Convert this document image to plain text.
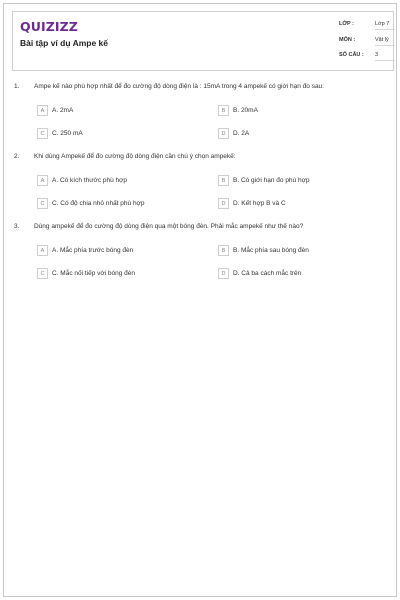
QUIZIZZ
Bài tập ví dụ Ampe kế
LỚP :	Lớp 7
MÔN :	Vật lý
SỐ CÂU : 3
1. Ampe kế nào phù hợp nhất để đo cường độ dòng điện là : 15mA trong 4 ampekế có giới hạn đo sau:
A	A. 2mA	B	B. 20mA
C	C. 250 mA	D	D. 2A
2. Khi dùng Ampekế để đo cường độ dòng điện cần chú ý chọn ampekế:
A	A. Có kích thước phù hợp	B	B. Có giới hạn đo phù hợp
C	C. Có độ chia nhỏ nhất phù hợp	D	D. Kết hợp B và C
3. Dùng ampekế để đo cường độ dòng điện qua một bóng đèn. Phải mắc ampekế như thế nào?
A	A. Mắc phía trước bóng đèn	B	B. Mắc phía sau bóng đèn
C	C. Mắc nối tiếp với bóng đèn	D	D. Cả ba cách mắc trên
